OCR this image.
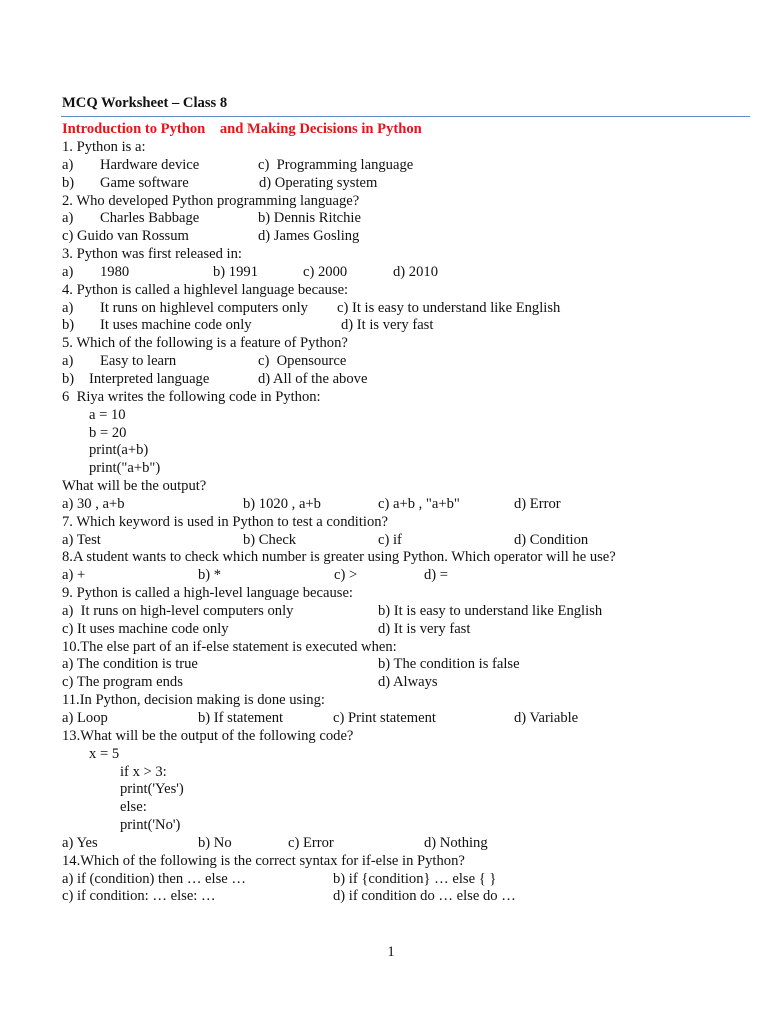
MCQ Worksheet – Class 8
Introduction to Python    and Making Decisions in Python
1. Python is a:
a) Hardware device	c)  Programming language
b) Game software	d) Operating system
2. Who developed Python programming language?
a) Charles Babbage	b) Dennis Ritchie
c) Guido van Rossum	d) James Gosling
3. Python was first released in:
a) 1980	b) 1991	c) 2000	d) 2010
4. Python is called a highlevel language because:
a) It runs on highlevel computers only c) It is easy to understand like English
b) It uses machine code only	d) It is very fast
5. Which of the following is a feature of Python?
a) Easy to learn	c)  Opensource
b) Interpreted language	d) All of the above
6  Riya writes the following code in Python:
a = 10
b = 20
print(a+b)
print("a+b")
What will be the output?
a) 30 , a+b	b) 1020 , a+b	c) a+b , "a+b"	d) Error
7. Which keyword is used in Python to test a condition?
a) Test	b) Check	c) if	d) Condition
8.A student wants to check which number is greater using Python. Which operator will he use?
a) +	b) *	c) >	d) =
9. Python is called a high-level language because:
a)  It runs on high-level computers only	b) It is easy to understand like English
c) It uses machine code only	d) It is very fast
10.The else part of an if-else statement is executed when:
a) The condition is true	b) The condition is false
c) The program ends	d) Always
11.In Python, decision making is done using:
a) Loop	b) If statement	c) Print statement	d) Variable
13.What will be the output of the following code?
x = 5
if x > 3:
print('Yes')
else:
print('No')
a) Yes	b) No	c) Error	d) Nothing
14.Which of the following is the correct syntax for if-else in Python?
a) if (condition) then … else …	b) if {condition} … else { }
c) if condition: … else: …	d) if condition do … else do …
1
